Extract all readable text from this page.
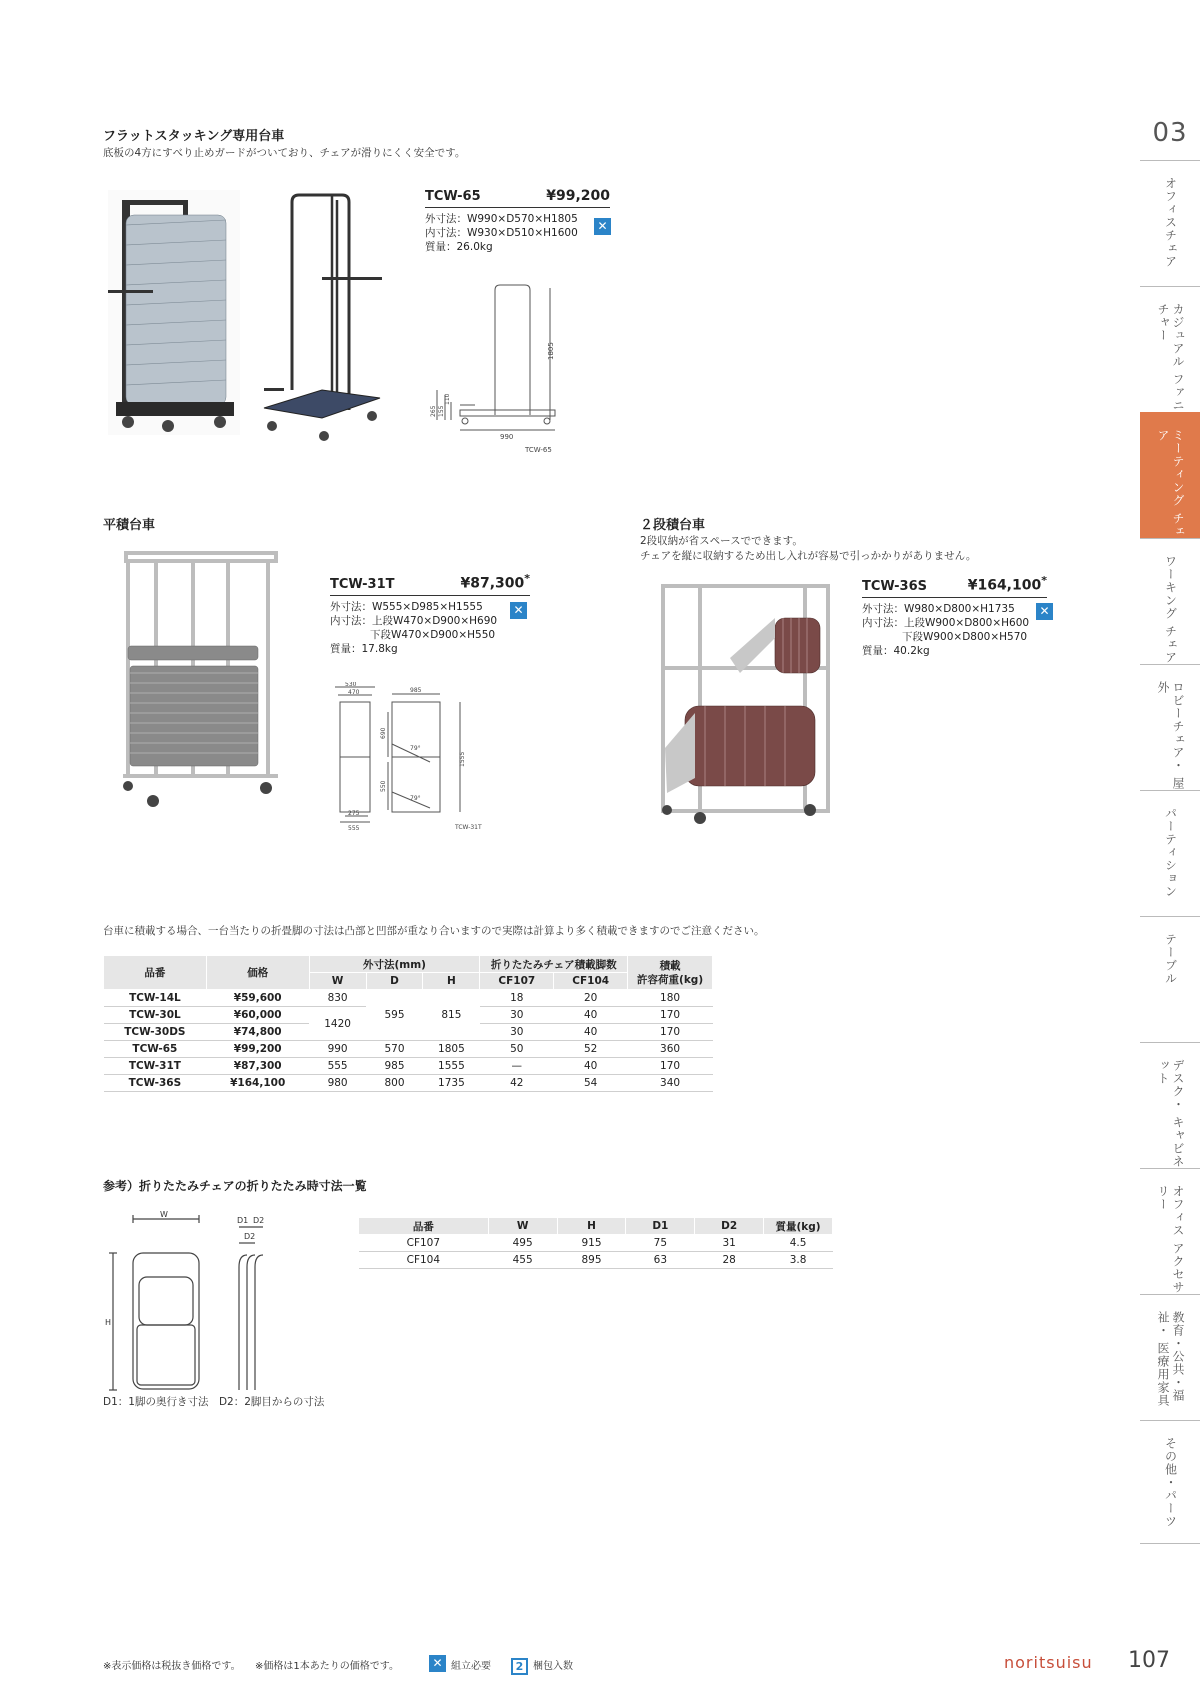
フラットスタッキング専用台車
底板の4方にすべり止めガードがついており、チェアが滑りにくく安全です。
TCW-65	¥99,200
外寸法：W990×D570×H1805
内寸法：W930×D510×H1600
質量：26.0kg
✕
1805
990
265 155
110
TCW-65
平積台車
TCW-31T	¥87,300*
外寸法：W555×D985×H1555
内寸法：上段W470×D900×H690
下段W470×D900×H550
質量：17.8kg
✕
530
470	985
690
550
1555
275
555
79°
79°
TCW-31T
２段積台車
2段収納が省スペースでできます。
チェアを縦に収納するため出し入れが容易で引っかかりがありません。
TCW-36S	¥164,100*
外寸法：W980×D800×H1735
内寸法：上段W900×D800×H600
下段W900×D800×H570
質量：40.2kg
✕
台車に積載する場合、一台当たりの折畳脚の寸法は凸部と凹部が重なり合いますので実際は計算より多く積載できますのでご注意ください。
品番	価格	外寸法(mm)			折りたたみチェア積載脚数		積載
許容荷重(kg)
		W	D	H	CF107	CF104	
TCW-14L	¥59,600	830	595	815	18	20	180
TCW-30L	¥60,000	1420			30	40	170
TCW-30DS	¥74,800				30	40	170
TCW-65	¥99,200	990	570	1805	50	52	360
TCW-31T	¥87,300	555	985	1555	—	40	170
TCW-36S	¥164,100	980	800	1735	42	54	340
参考）折りたたみチェアの折りたたみ時寸法一覧
W
H
D1 D2
D2
D1：1脚の奥行き寸法　D2：2脚目からの寸法
品番	W	H	D1	D2	質量(kg)
CF107	495	915	75	31	4.5
CF104	455	895	63	28	3.8
03
オフィスチェア
カジュアル ファニチャー
ミーティング チェア
ワーキング チェア
ロビーチェア・ 屋外
パーティション
テーブル
デスク・ キャビネット
オフィス アクセサリー
教育・公共・福祉・ 医療用家具
その他・パーツ
※表示価格は税抜き価格です。 ※価格は1本あたりの価格です。	✕ 組立必要	2 梱包入数	noritsuisu 107
